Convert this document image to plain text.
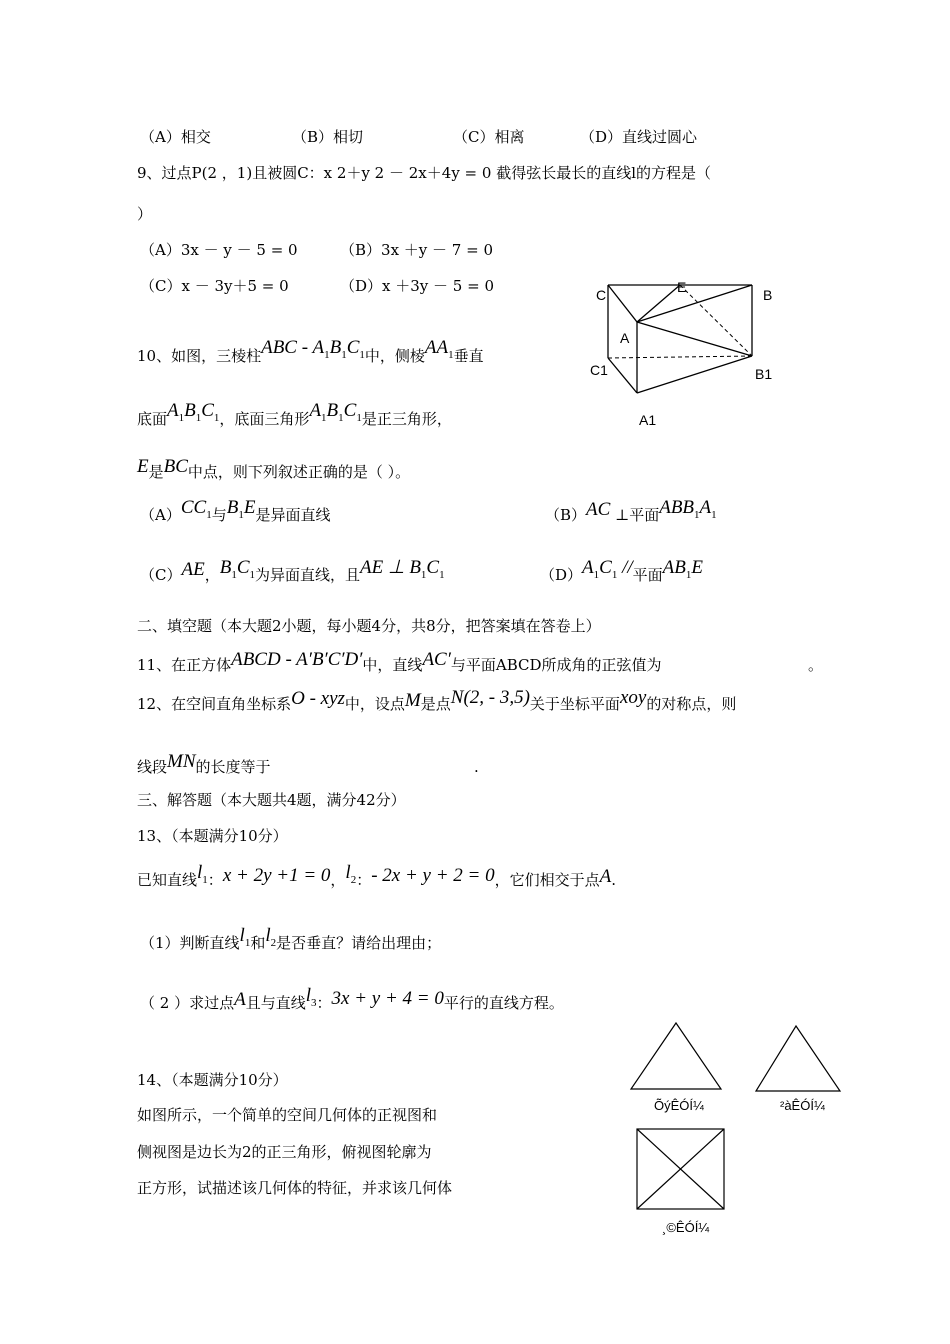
（A）相交	（B）相切	（C）相离	（D）直线过圆心
9、过点P(2 ，1)且被圆C：x 2＋y 2 － 2x＋4y = 0 截得弦长最长的直线l的方程是（
）
（A）3x － y － 5 = 0	（B）3x ＋y － 7 = 0
（C）x － 3y＋5 = 0	（D）x ＋3y － 5 = 0	C	E	B
A
C1	B1
A1
10、如图，三棱柱ABC - $A_1B_1C_1$中，侧棱$AA_1$垂直
底面$A_1B_1C_1$，底面三角形$A_1B_1C_1$是正三角形，
E是BC中点，则下列叙述正确的是（ ）。
$(A)CC_1$与$B_1E$是异面直线	（B）AC ⊥平面$ABB_1A_1$
（C）AE，$B_1C_1$为异面直线，且AE ⊥ $B_1C_1$	$(D)A_1C_1$ //平面$AB_1E$
二、填空题（本大题2小题，每小题4分，共8分，把答案填在答卷上）
11、在正方体ABCD - A′B′C′D′中，直线AC′与平面ABCD所成角的正弦值为	。
12、在空间直角坐标系O - xyz中，设点M是点N(2, - 3,5)关于坐标平面xoy的对称点，则
线段MN的长度等于	.
三、解答题（本大题共4题，满分42分）
13、（本题满分10分）
已知直线$l_1$：x + 2y +1 = 0，$l_2$：- 2x + y + 2 = 0，它们相交于点A.
（1）判断直线$l_1$和$l_2$是否垂直？请给出理由；
（ 2 ）求过点A且与直线$l_3$：3x + y + 4 = 0平行的直线方程。
14、（本题满分10分）
如图所示，一个简单的空间几何体的正视图和
侧视图是边长为2的正三角形，俯视图轮廓为
正方形，试描述该几何体的特征，并求该几何体
ÕýÊÓÍ¼	²àÊÓÍ¼
¸©ÊÓÍ¼
